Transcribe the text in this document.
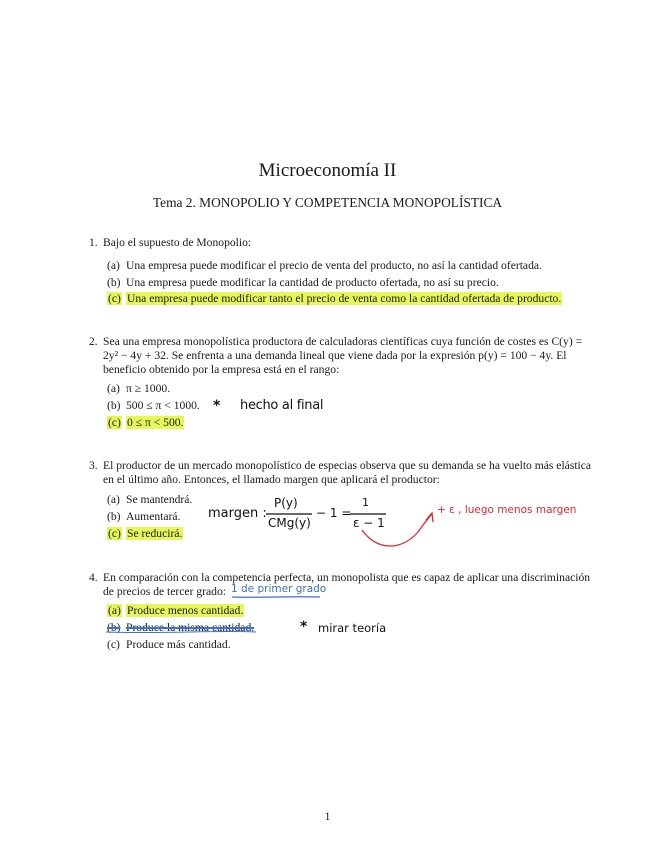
Microeconomía II
Tema 2. MONOPOLIO Y COMPETENCIA MONOPOLÍSTICA
1. Bajo el supuesto de Monopolio:
(a) Una empresa puede modificar el precio de venta del producto, no así la cantidad ofertada.
(b) Una empresa puede modificar la cantidad de producto ofertada, no así su precio.
(c) Una empresa puede modificar tanto el precio de venta como la cantidad ofertada de producto.
2. Sea una empresa monopolística productora de calculadoras científicas cuya función de costes es C(y) =
2y² − 4y + 32. Se enfrenta a una demanda lineal que viene dada por la expresión p(y) = 100 − 4y. El
beneficio obtenido por la empresa está en el rango:
(a) π ≥ 1000.
(b) 500 ≤ π < 1000.
(c) 0 ≤ π < 500.
* hecho al final
3. El productor de un mercado monopolístico de especias observa que su demanda se ha vuelto más elástica
en el último año. Entonces, el llamado margen que aplicará el productor:
(a) Se mantendrá.
(b) Aumentará.
(c) Se reducirá.
margen :
P(y)
CMg(y)
− 1 =
1
ε − 1
+ ε , luego menos margen
4. En comparación con la competencia perfecta, un monopolista que es capaz de aplicar una discriminación
de precios de tercer grado: 1 de primer grado
(a) Produce menos cantidad.
(b) Produce la misma cantidad.	* mirar teoría
(c) Produce más cantidad.
1
